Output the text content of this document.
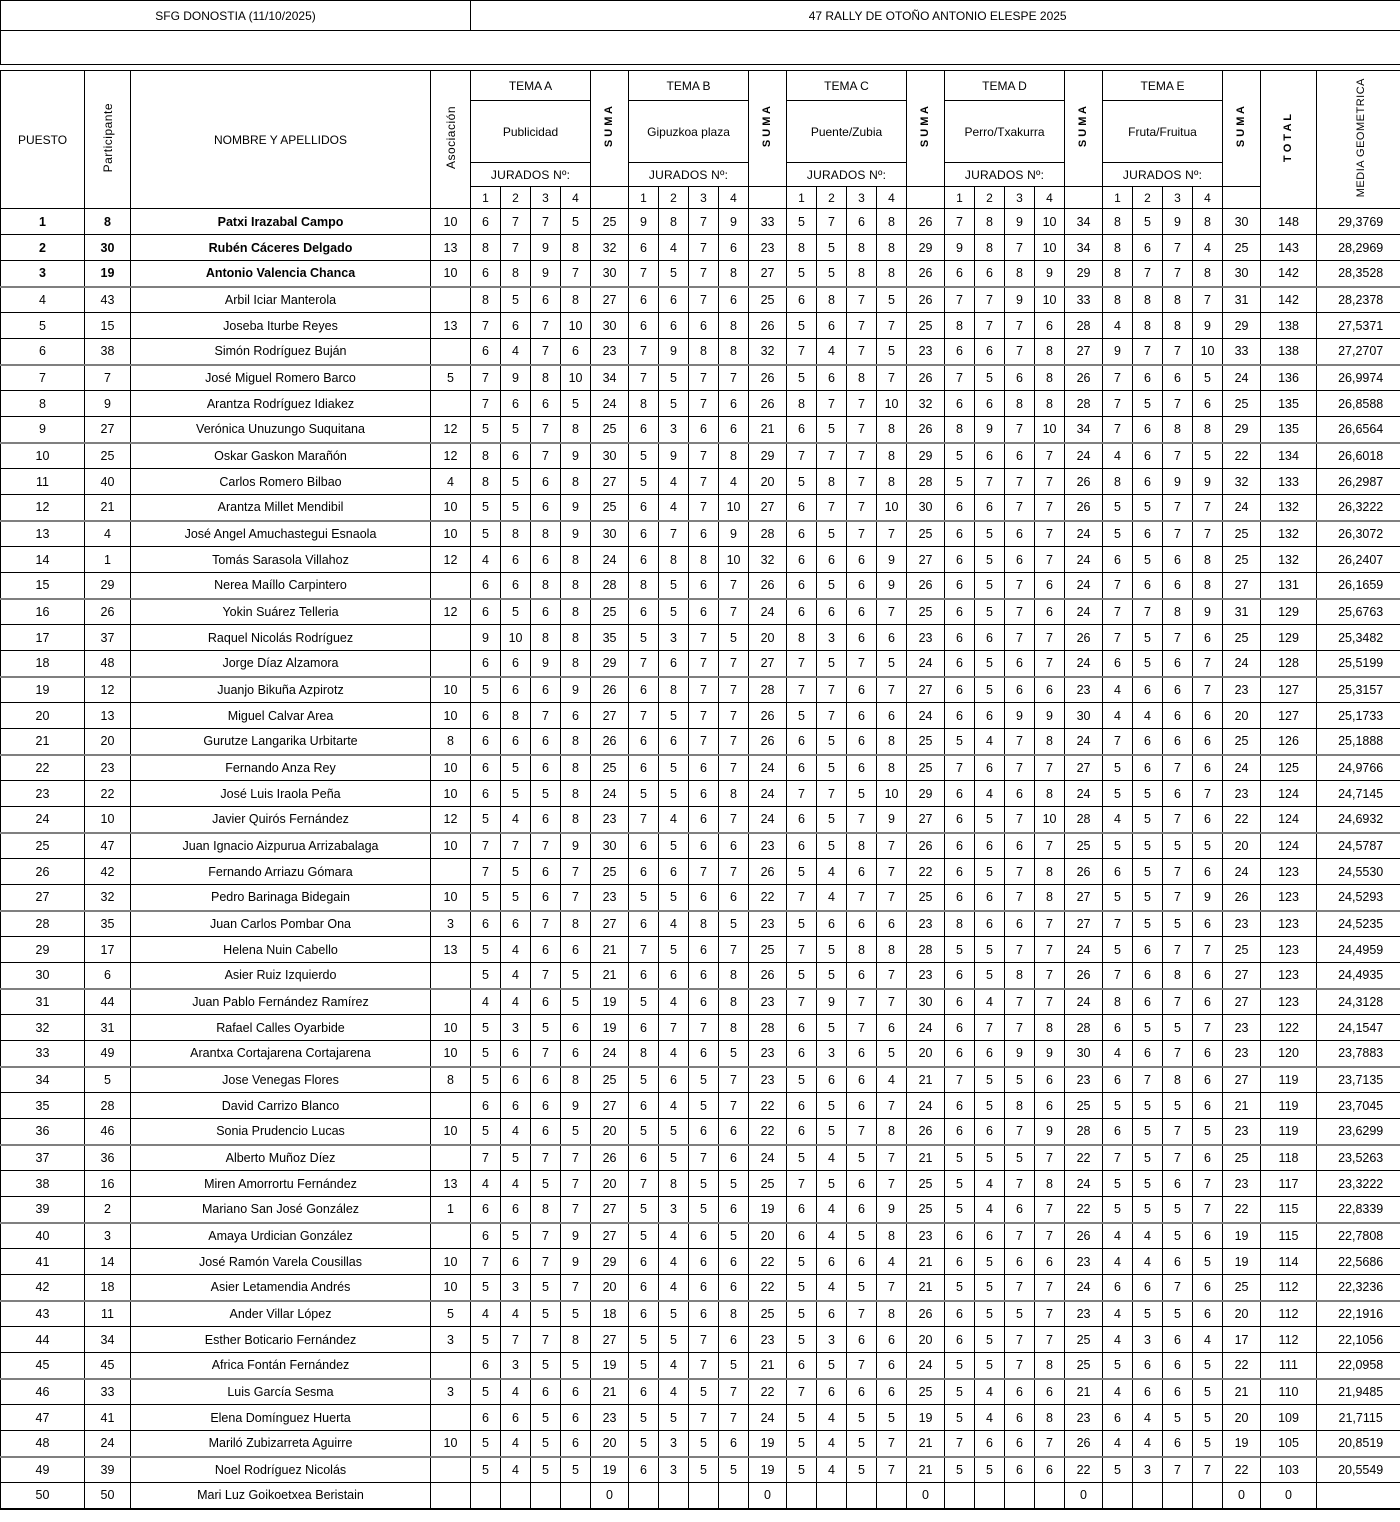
SFG DONOSTIA (11/10/2025)				47 RALLY DE OTOÑO ANTONIO ELESPE 2025																										

PUESTO	Participante	NOMBRE Y APELLIDOS	Asociación	TEMA A				S U M A	TEMA B				S U M A	TEMA C				S U M A	TEMA D				S U M A	TEMA E				S U M A	T O T A L	MEDIA GEOMETRICA
				Publicidad					Gipuzkoa plaza					Puente/Zubia					Perro/Txakurra					Fruta/Fruitua						
				JURADOS Nº:					JURADOS Nº:					JURADOS Nº:					JURADOS Nº:					JURADOS Nº:						
				1	2	3	4		1	2	3	4		1	2	3	4		1	2	3	4		1	2	3	4			
1	8	Patxi Irazabal Campo	10	6	7	7	5	25	9	8	7	9	33	5	7	6	8	26	7	8	9	10	34	8	5	9	8	30	148	29,3769
2	30	Rubén Cáceres Delgado	13	8	7	9	8	32	6	4	7	6	23	8	5	8	8	29	9	8	7	10	34	8	6	7	4	25	143	28,2969
3	19	Antonio Valencia Chanca	10	6	8	9	7	30	7	5	7	8	27	5	5	8	8	26	6	6	8	9	29	8	7	7	8	30	142	28,3528
4	43	Arbil Iciar Manterola		8	5	6	8	27	6	6	7	6	25	6	8	7	5	26	7	7	9	10	33	8	8	8	7	31	142	28,2378
5	15	Joseba Iturbe Reyes	13	7	6	7	10	30	6	6	6	8	26	5	6	7	7	25	8	7	7	6	28	4	8	8	9	29	138	27,5371
6	38	Simón Rodríguez Buján		6	4	7	6	23	7	9	8	8	32	7	4	7	5	23	6	6	7	8	27	9	7	7	10	33	138	27,2707
7	7	José Miguel Romero Barco	5	7	9	8	10	34	7	5	7	7	26	5	6	8	7	26	7	5	6	8	26	7	6	6	5	24	136	26,9974
8	9	Arantza Rodríguez Idiakez		7	6	6	5	24	8	5	7	6	26	8	7	7	10	32	6	6	8	8	28	7	5	7	6	25	135	26,8588
9	27	Verónica Unuzungo Suquitana	12	5	5	7	8	25	6	3	6	6	21	6	5	7	8	26	8	9	7	10	34	7	6	8	8	29	135	26,6564
10	25	Oskar Gaskon Marañón	12	8	6	7	9	30	5	9	7	8	29	7	7	7	8	29	5	6	6	7	24	4	6	7	5	22	134	26,6018
11	40	Carlos Romero Bilbao	4	8	5	6	8	27	5	4	7	4	20	5	8	7	8	28	5	7	7	7	26	8	6	9	9	32	133	26,2987
12	21	Arantza Millet Mendibil	10	5	5	6	9	25	6	4	7	10	27	6	7	7	10	30	6	6	7	7	26	5	5	7	7	24	132	26,3222
13	4	José Angel Amuchastegui Esnaola	10	5	8	8	9	30	6	7	6	9	28	6	5	7	7	25	6	5	6	7	24	5	6	7	7	25	132	26,3072
14	1	Tomás Sarasola Villahoz	12	4	6	6	8	24	6	8	8	10	32	6	6	6	9	27	6	5	6	7	24	6	5	6	8	25	132	26,2407
15	29	Nerea Maíllo Carpintero		6	6	8	8	28	8	5	6	7	26	6	5	6	9	26	6	5	7	6	24	7	6	6	8	27	131	26,1659
16	26	Yokin Suárez Telleria	12	6	5	6	8	25	6	5	6	7	24	6	6	6	7	25	6	5	7	6	24	7	7	8	9	31	129	25,6763
17	37	Raquel Nicolás Rodríguez		9	10	8	8	35	5	3	7	5	20	8	3	6	6	23	6	6	7	7	26	7	5	7	6	25	129	25,3482
18	48	Jorge Díaz Alzamora		6	6	9	8	29	7	6	7	7	27	7	5	7	5	24	6	5	6	7	24	6	5	6	7	24	128	25,5199
19	12	Juanjo Bikuña Azpirotz	10	5	6	6	9	26	6	8	7	7	28	7	7	6	7	27	6	5	6	6	23	4	6	6	7	23	127	25,3157
20	13	Miguel Calvar Area	10	6	8	7	6	27	7	5	7	7	26	5	7	6	6	24	6	6	9	9	30	4	4	6	6	20	127	25,1733
21	20	Gurutze Langarika Urbitarte	8	6	6	6	8	26	6	6	7	7	26	6	5	6	8	25	5	4	7	8	24	7	6	6	6	25	126	25,1888
22	23	Fernando Anza Rey	10	6	5	6	8	25	6	5	6	7	24	6	5	6	8	25	7	6	7	7	27	5	6	7	6	24	125	24,9766
23	22	José Luis Iraola Peña	10	6	5	5	8	24	5	5	6	8	24	7	7	5	10	29	6	4	6	8	24	5	5	6	7	23	124	24,7145
24	10	Javier Quirós Fernández	12	5	4	6	8	23	7	4	6	7	24	6	5	7	9	27	6	5	7	10	28	4	5	7	6	22	124	24,6932
25	47	Juan Ignacio Aizpurua Arrizabalaga	10	7	7	7	9	30	6	5	6	6	23	6	5	8	7	26	6	6	6	7	25	5	5	5	5	20	124	24,5787
26	42	Fernando Arriazu Gómara		7	5	6	7	25	6	6	7	7	26	5	4	6	7	22	6	5	7	8	26	6	5	7	6	24	123	24,5530
27	32	Pedro Barinaga Bidegain	10	5	5	6	7	23	5	5	6	6	22	7	4	7	7	25	6	6	7	8	27	5	5	7	9	26	123	24,5293
28	35	Juan Carlos Pombar Ona	3	6	6	7	8	27	6	4	8	5	23	5	6	6	6	23	8	6	6	7	27	7	5	5	6	23	123	24,5235
29	17	Helena Nuin Cabello	13	5	4	6	6	21	7	5	6	7	25	7	5	8	8	28	5	5	7	7	24	5	6	7	7	25	123	24,4959
30	6	Asier Ruiz Izquierdo		5	4	7	5	21	6	6	6	8	26	5	5	6	7	23	6	5	8	7	26	7	6	8	6	27	123	24,4935
31	44	Juan Pablo Fernández Ramírez		4	4	6	5	19	5	4	6	8	23	7	9	7	7	30	6	4	7	7	24	8	6	7	6	27	123	24,3128
32	31	Rafael Calles Oyarbide	10	5	3	5	6	19	6	7	7	8	28	6	5	7	6	24	6	7	7	8	28	6	5	5	7	23	122	24,1547
33	49	Arantxa Cortajarena Cortajarena	10	5	6	7	6	24	8	4	6	5	23	6	3	6	5	20	6	6	9	9	30	4	6	7	6	23	120	23,7883
34	5	Jose Venegas Flores	8	5	6	6	8	25	5	6	5	7	23	5	6	6	4	21	7	5	5	6	23	6	7	8	6	27	119	23,7135
35	28	David Carrizo Blanco		6	6	6	9	27	6	4	5	7	22	6	5	6	7	24	6	5	8	6	25	5	5	5	6	21	119	23,7045
36	46	Sonia Prudencio Lucas	10	5	4	6	5	20	5	5	6	6	22	6	5	7	8	26	6	6	7	9	28	6	5	7	5	23	119	23,6299
37	36	Alberto Muñoz Díez		7	5	7	7	26	6	5	7	6	24	5	4	5	7	21	5	5	5	7	22	7	5	7	6	25	118	23,5263
38	16	Miren Amorrortu Fernández	13	4	4	5	7	20	7	8	5	5	25	7	5	6	7	25	5	4	7	8	24	5	5	6	7	23	117	23,3222
39	2	Mariano San José González	1	6	6	8	7	27	5	3	5	6	19	6	4	6	9	25	5	4	6	7	22	5	5	5	7	22	115	22,8339
40	3	Amaya Urdician González		6	5	7	9	27	5	4	6	5	20	6	4	5	8	23	6	6	7	7	26	4	4	5	6	19	115	22,7808
41	14	José Ramón Varela Cousillas	10	7	6	7	9	29	6	4	6	6	22	5	6	6	4	21	6	5	6	6	23	4	4	6	5	19	114	22,5686
42	18	Asier Letamendia Andrés	10	5	3	5	7	20	6	4	6	6	22	5	4	5	7	21	5	5	7	7	24	6	6	7	6	25	112	22,3236
43	11	Ander Villar López	5	4	4	5	5	18	6	5	6	8	25	5	6	7	8	26	6	5	5	7	23	4	5	5	6	20	112	22,1916
44	34	Esther Boticario Fernández	3	5	7	7	8	27	5	5	7	6	23	5	3	6	6	20	6	5	7	7	25	4	3	6	4	17	112	22,1056
45	45	Africa Fontán Fernández		6	3	5	5	19	5	4	7	5	21	6	5	7	6	24	5	5	7	8	25	5	6	6	5	22	111	22,0958
46	33	Luis García Sesma	3	5	4	6	6	21	6	4	5	7	22	7	6	6	6	25	5	4	6	6	21	4	6	6	5	21	110	21,9485
47	41	Elena Domínguez Huerta		6	6	5	6	23	5	5	7	7	24	5	4	5	5	19	5	4	6	8	23	6	4	5	5	20	109	21,7115
48	24	Mariló Zubizarreta Aguirre	10	5	4	5	6	20	5	3	5	6	19	5	4	5	7	21	7	6	6	7	26	4	4	6	5	19	105	20,8519
49	39	Noel Rodríguez Nicolás		5	4	5	5	19	6	3	5	5	19	5	4	5	7	21	5	5	6	6	22	5	3	7	7	22	103	20,5549
50	50	Mari Luz Goikoetxea Beristain						0					0					0					0					0	0	
